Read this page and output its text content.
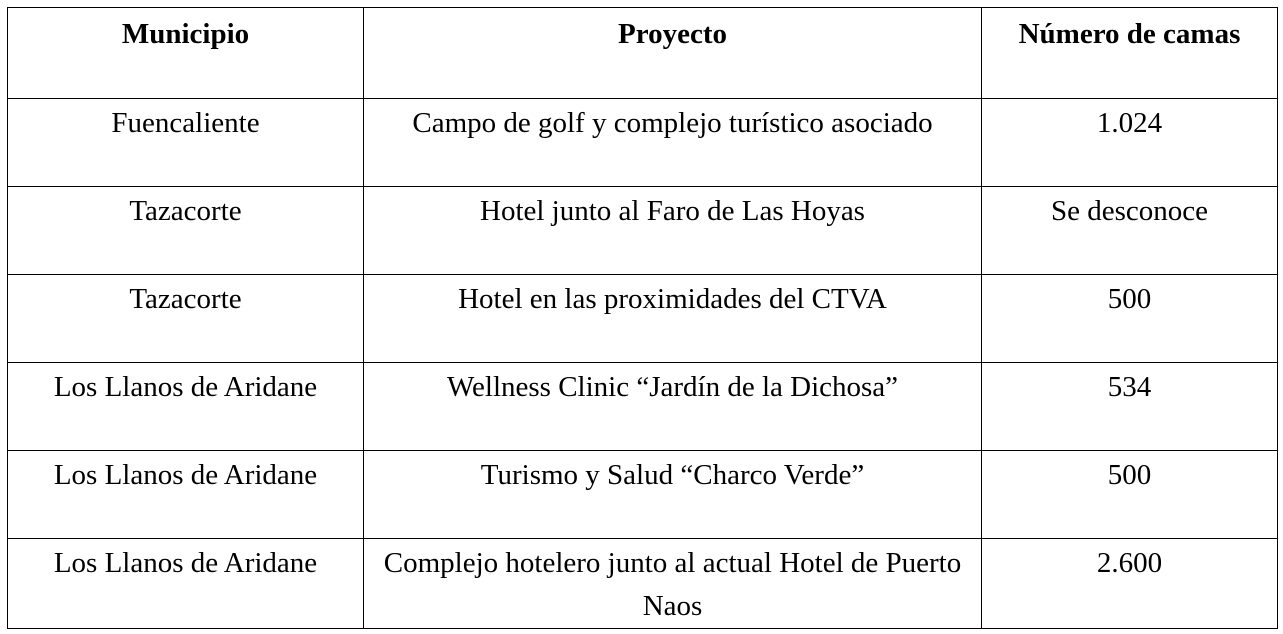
Municipio	Proyecto	Número de camas
Fuencaliente	Campo de golf y complejo turístico asociado	1.024
Tazacorte	Hotel junto al Faro de Las Hoyas	Se desconoce
Tazacorte	Hotel en las proximidades del CTVA	500
Los Llanos de Aridane	Wellness Clinic “Jardín de la Dichosa”	534
Los Llanos de Aridane	Turismo y Salud “Charco Verde”	500
Los Llanos de Aridane	Complejo hotelero junto al actual Hotel de Puerto Naos	2.600
